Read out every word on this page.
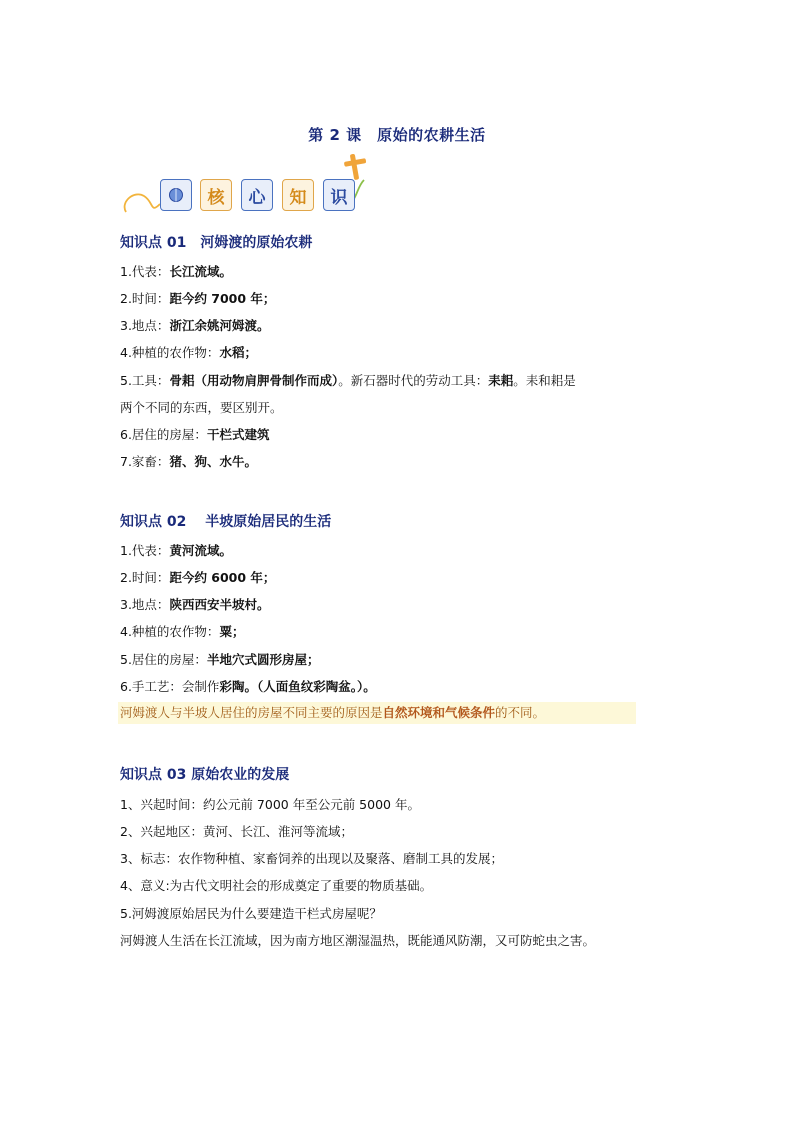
第 2 课　原始的农耕生活
核	心	知	识
知识点 01　河姆渡的原始农耕
1.代表：长江流域。
2.时间：距今约 7000 年；
3.地点：浙江余姚河姆渡。
4.种植的农作物：水稻；
5.工具：骨耜（用动物肩胛骨制作而成）。新石器时代的劳动工具：耒耜。耒和耜是
两个不同的东西，要区别开。
6.居住的房屋：干栏式建筑
7.家畜：猪、狗、水牛。
知识点 02　 半坡原始居民的生活
1.代表：黄河流域。
2.时间：距今约 6000 年；
3.地点：陕西西安半坡村。
4.种植的农作物：粟；
5.居住的房屋：半地穴式圆形房屋；
6.手工艺：会制作彩陶。（人面鱼纹彩陶盆。）。
河姆渡人与半坡人居住的房屋不同主要的原因是自然环境和气候条件的不同。
知识点 03 原始农业的发展
1、兴起时间：约公元前 7000 年至公元前 5000 年。
2、兴起地区：黄河、长江、淮河等流域；
3、标志：农作物种植、家畜饲养的出现以及聚落、磨制工具的发展；
4、意义:为古代文明社会的形成奠定了重要的物质基础。
5.河姆渡原始居民为什么要建造干栏式房屋呢？
河姆渡人生活在长江流域，因为南方地区潮湿温热，既能通风防潮，又可防蛇虫之害。
